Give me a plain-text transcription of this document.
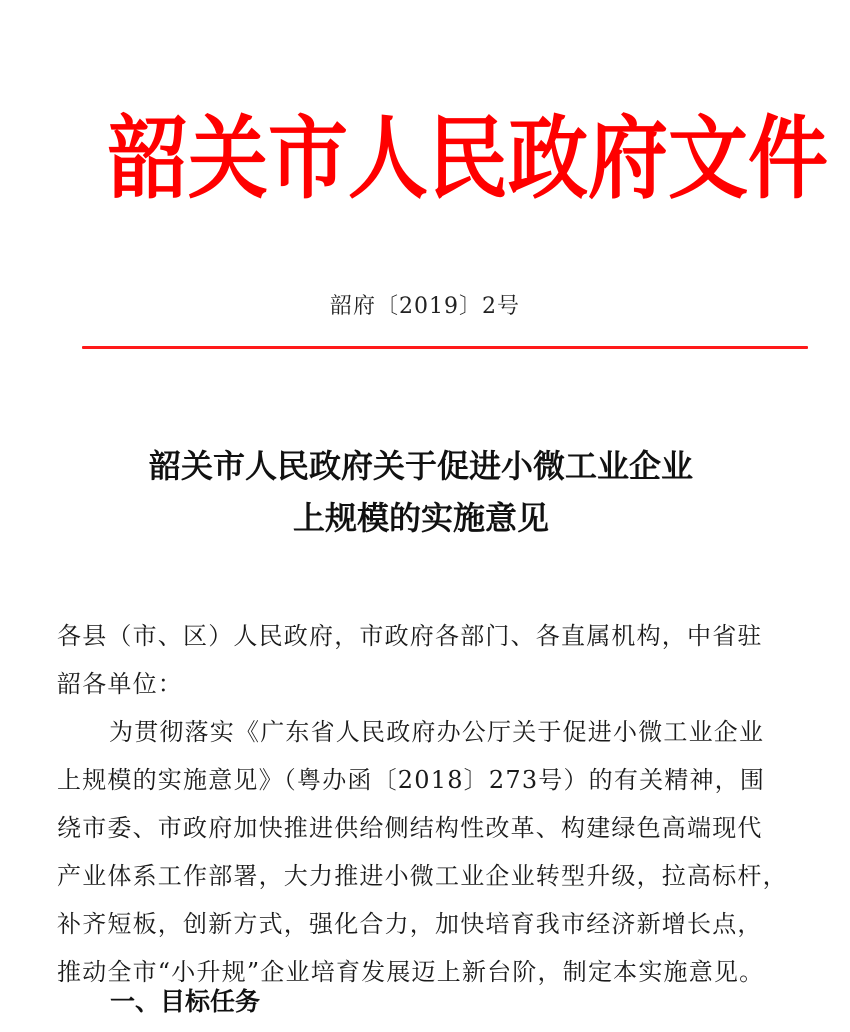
韶 关 市 人 民 政 府 文 件
韶府〔2019〕2号
韶关市人民政府关于促进小微工业企业
上规模的实施意见
各县（市、区）人民政府，市政府各部门、各直属机构，中省驻
韶各单位：
为贯彻落实《广东省人民政府办公厅关于促进小微工业企业
上规模的实施意见》（粤办函〔2018〕273号）的有关精神，围
绕市委、市政府加快推进供给侧结构性改革、构建绿色高端现代
产业体系工作部署，大力推进小微工业企业转型升级，拉高标杆，
补齐短板，创新方式，强化合力，加快培育我市经济新增长点，
推动全市“小升规”企业培育发展迈上新台阶，制定本实施意见。
一、目标任务
